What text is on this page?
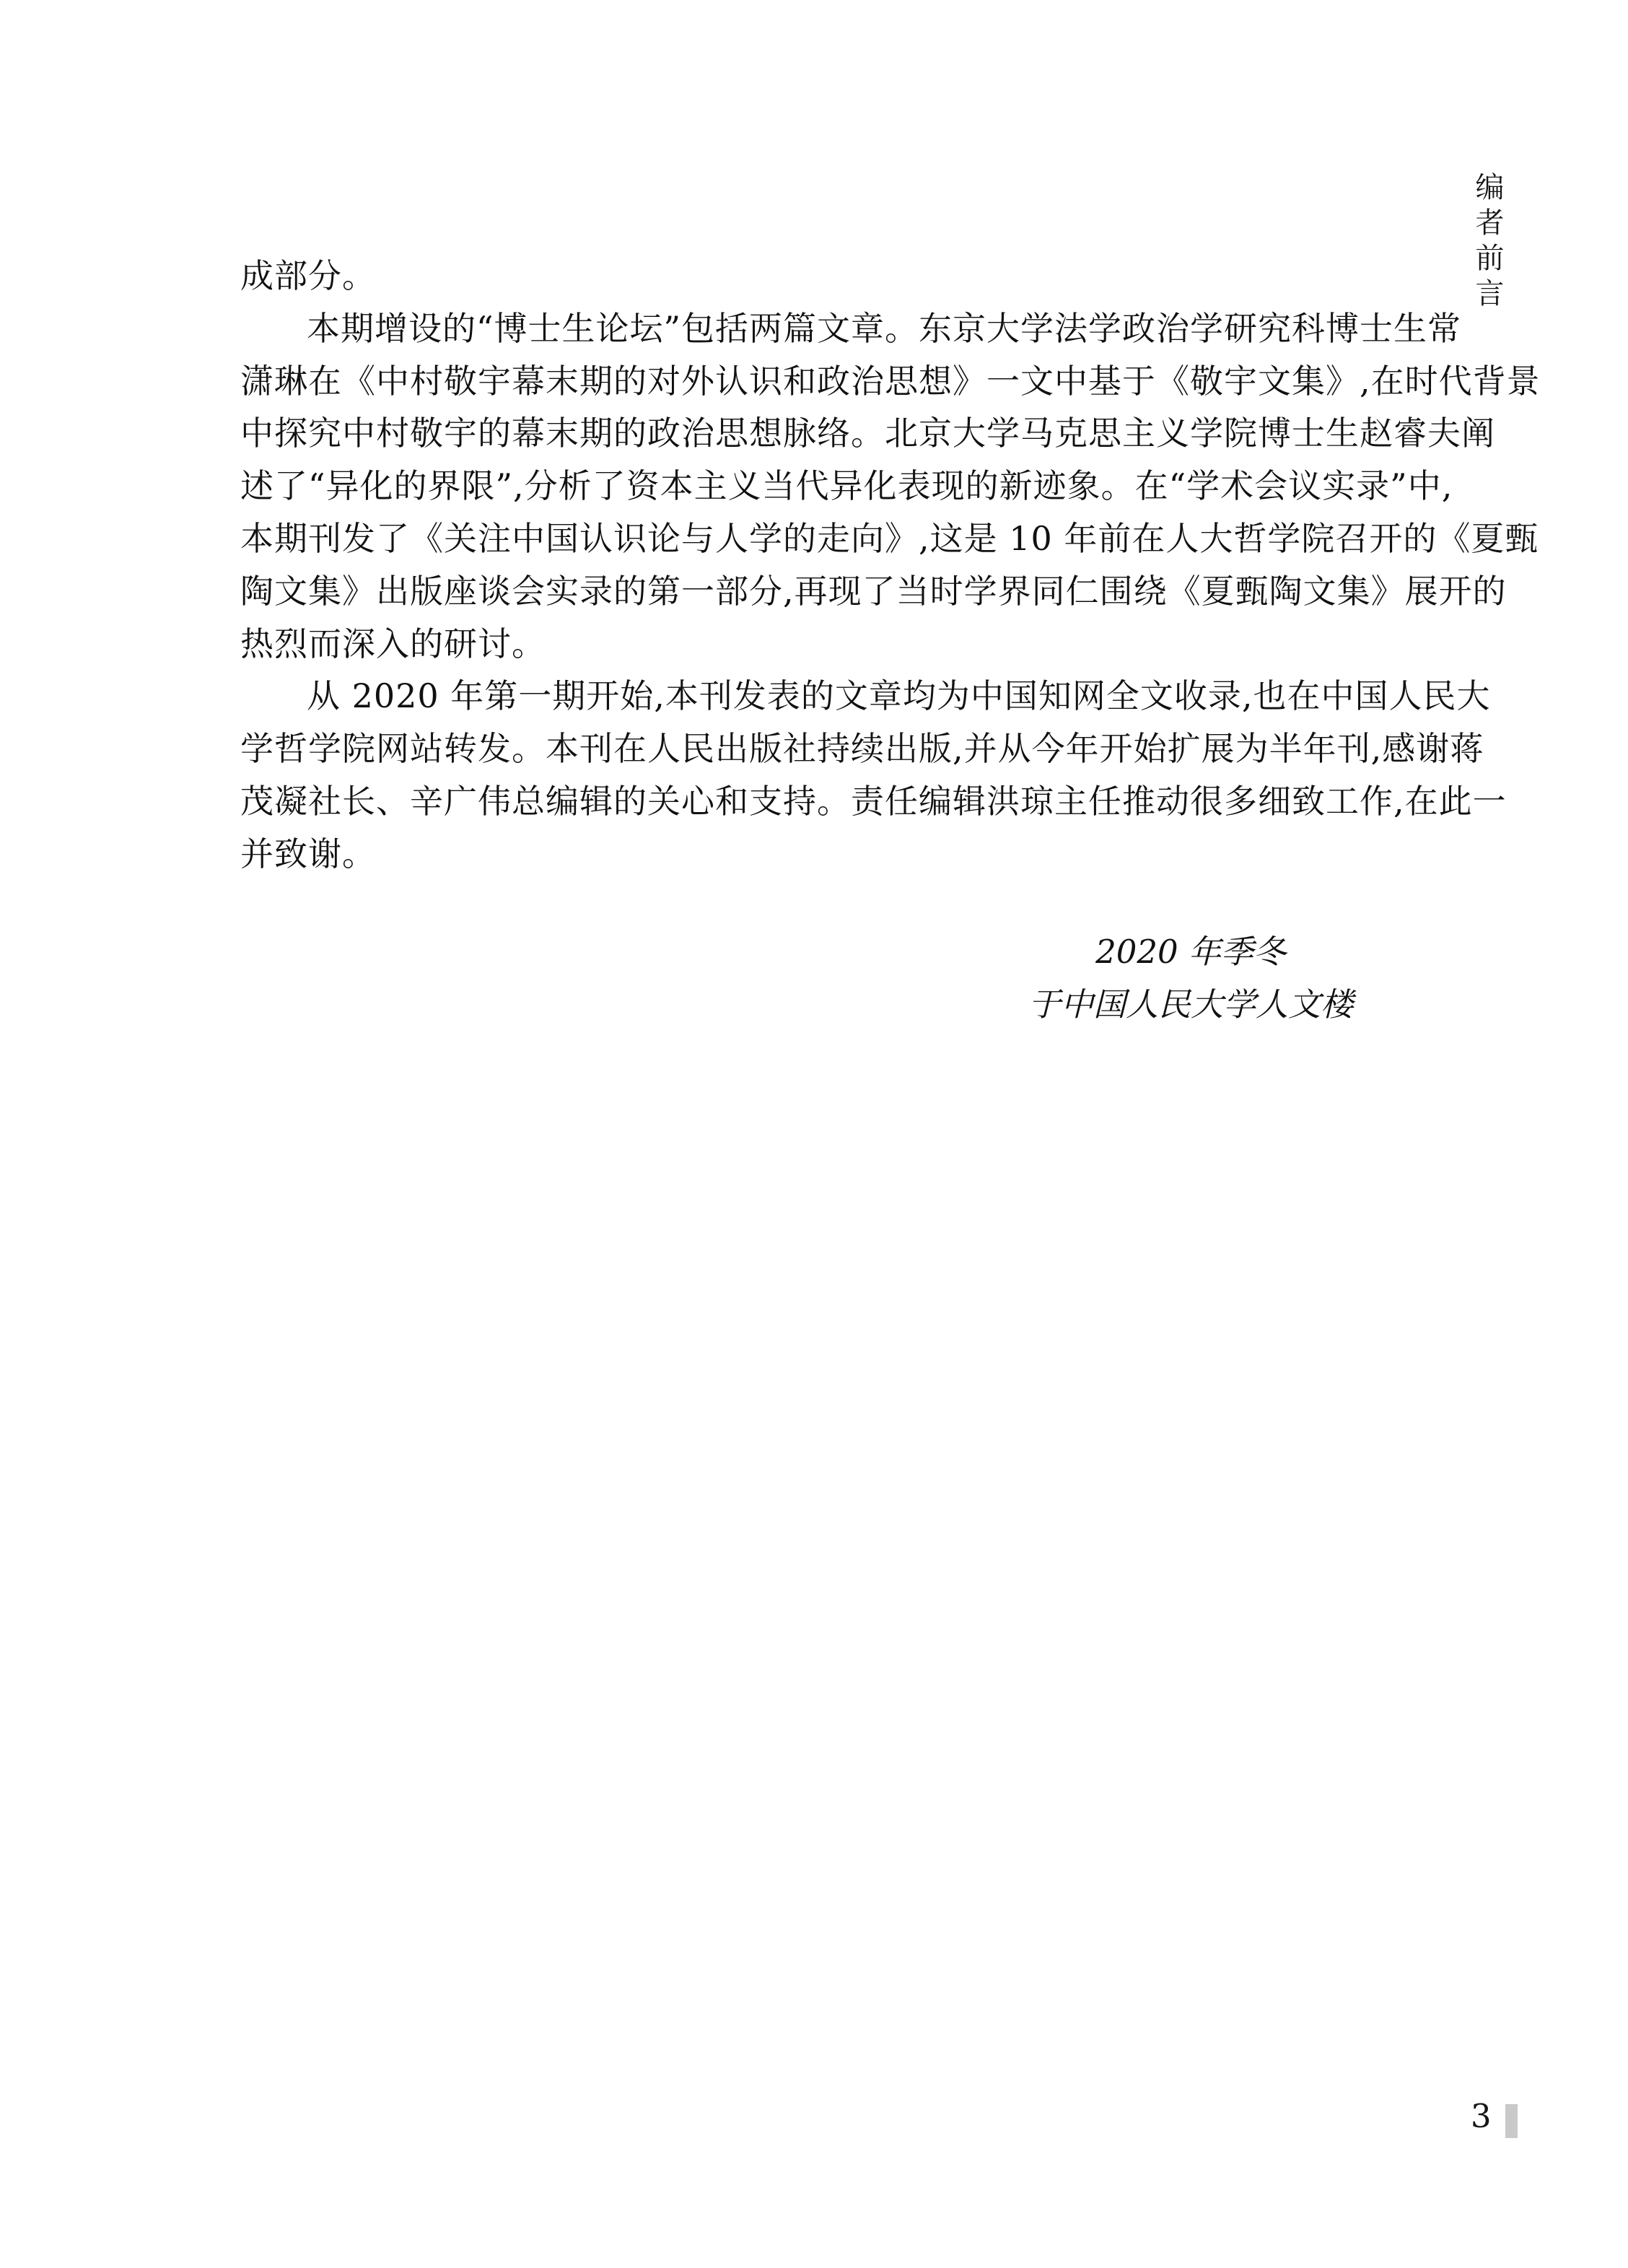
编者前言
成部分。
本期增设的“博士生论坛”包括两篇文章。东京大学法学政治学研究科博士生常
潇琳在《中村敬宇幕末期的对外认识和政治思想》一文中基于《敬宇文集》,在时代背景
中探究中村敬宇的幕末期的政治思想脉络。北京大学马克思主义学院博士生赵睿夫阐
述了“异化的界限”,分析了资本主义当代异化表现的新迹象。在“学术会议实录”中,
本期刊发了《关注中国认识论与人学的走向》,这是 10 年前在人大哲学院召开的《夏甄
陶文集》出版座谈会实录的第一部分,再现了当时学界同仁围绕《夏甄陶文集》展开的
热烈而深入的研讨。
从 2020 年第一期开始,本刊发表的文章均为中国知网全文收录,也在中国人民大
学哲学院网站转发。本刊在人民出版社持续出版,并从今年开始扩展为半年刊,感谢蒋
茂凝社长、辛广伟总编辑的关心和支持。责任编辑洪琼主任推动很多细致工作,在此一
并致谢。
2020 年季冬
于中国人民大学人文楼
3
